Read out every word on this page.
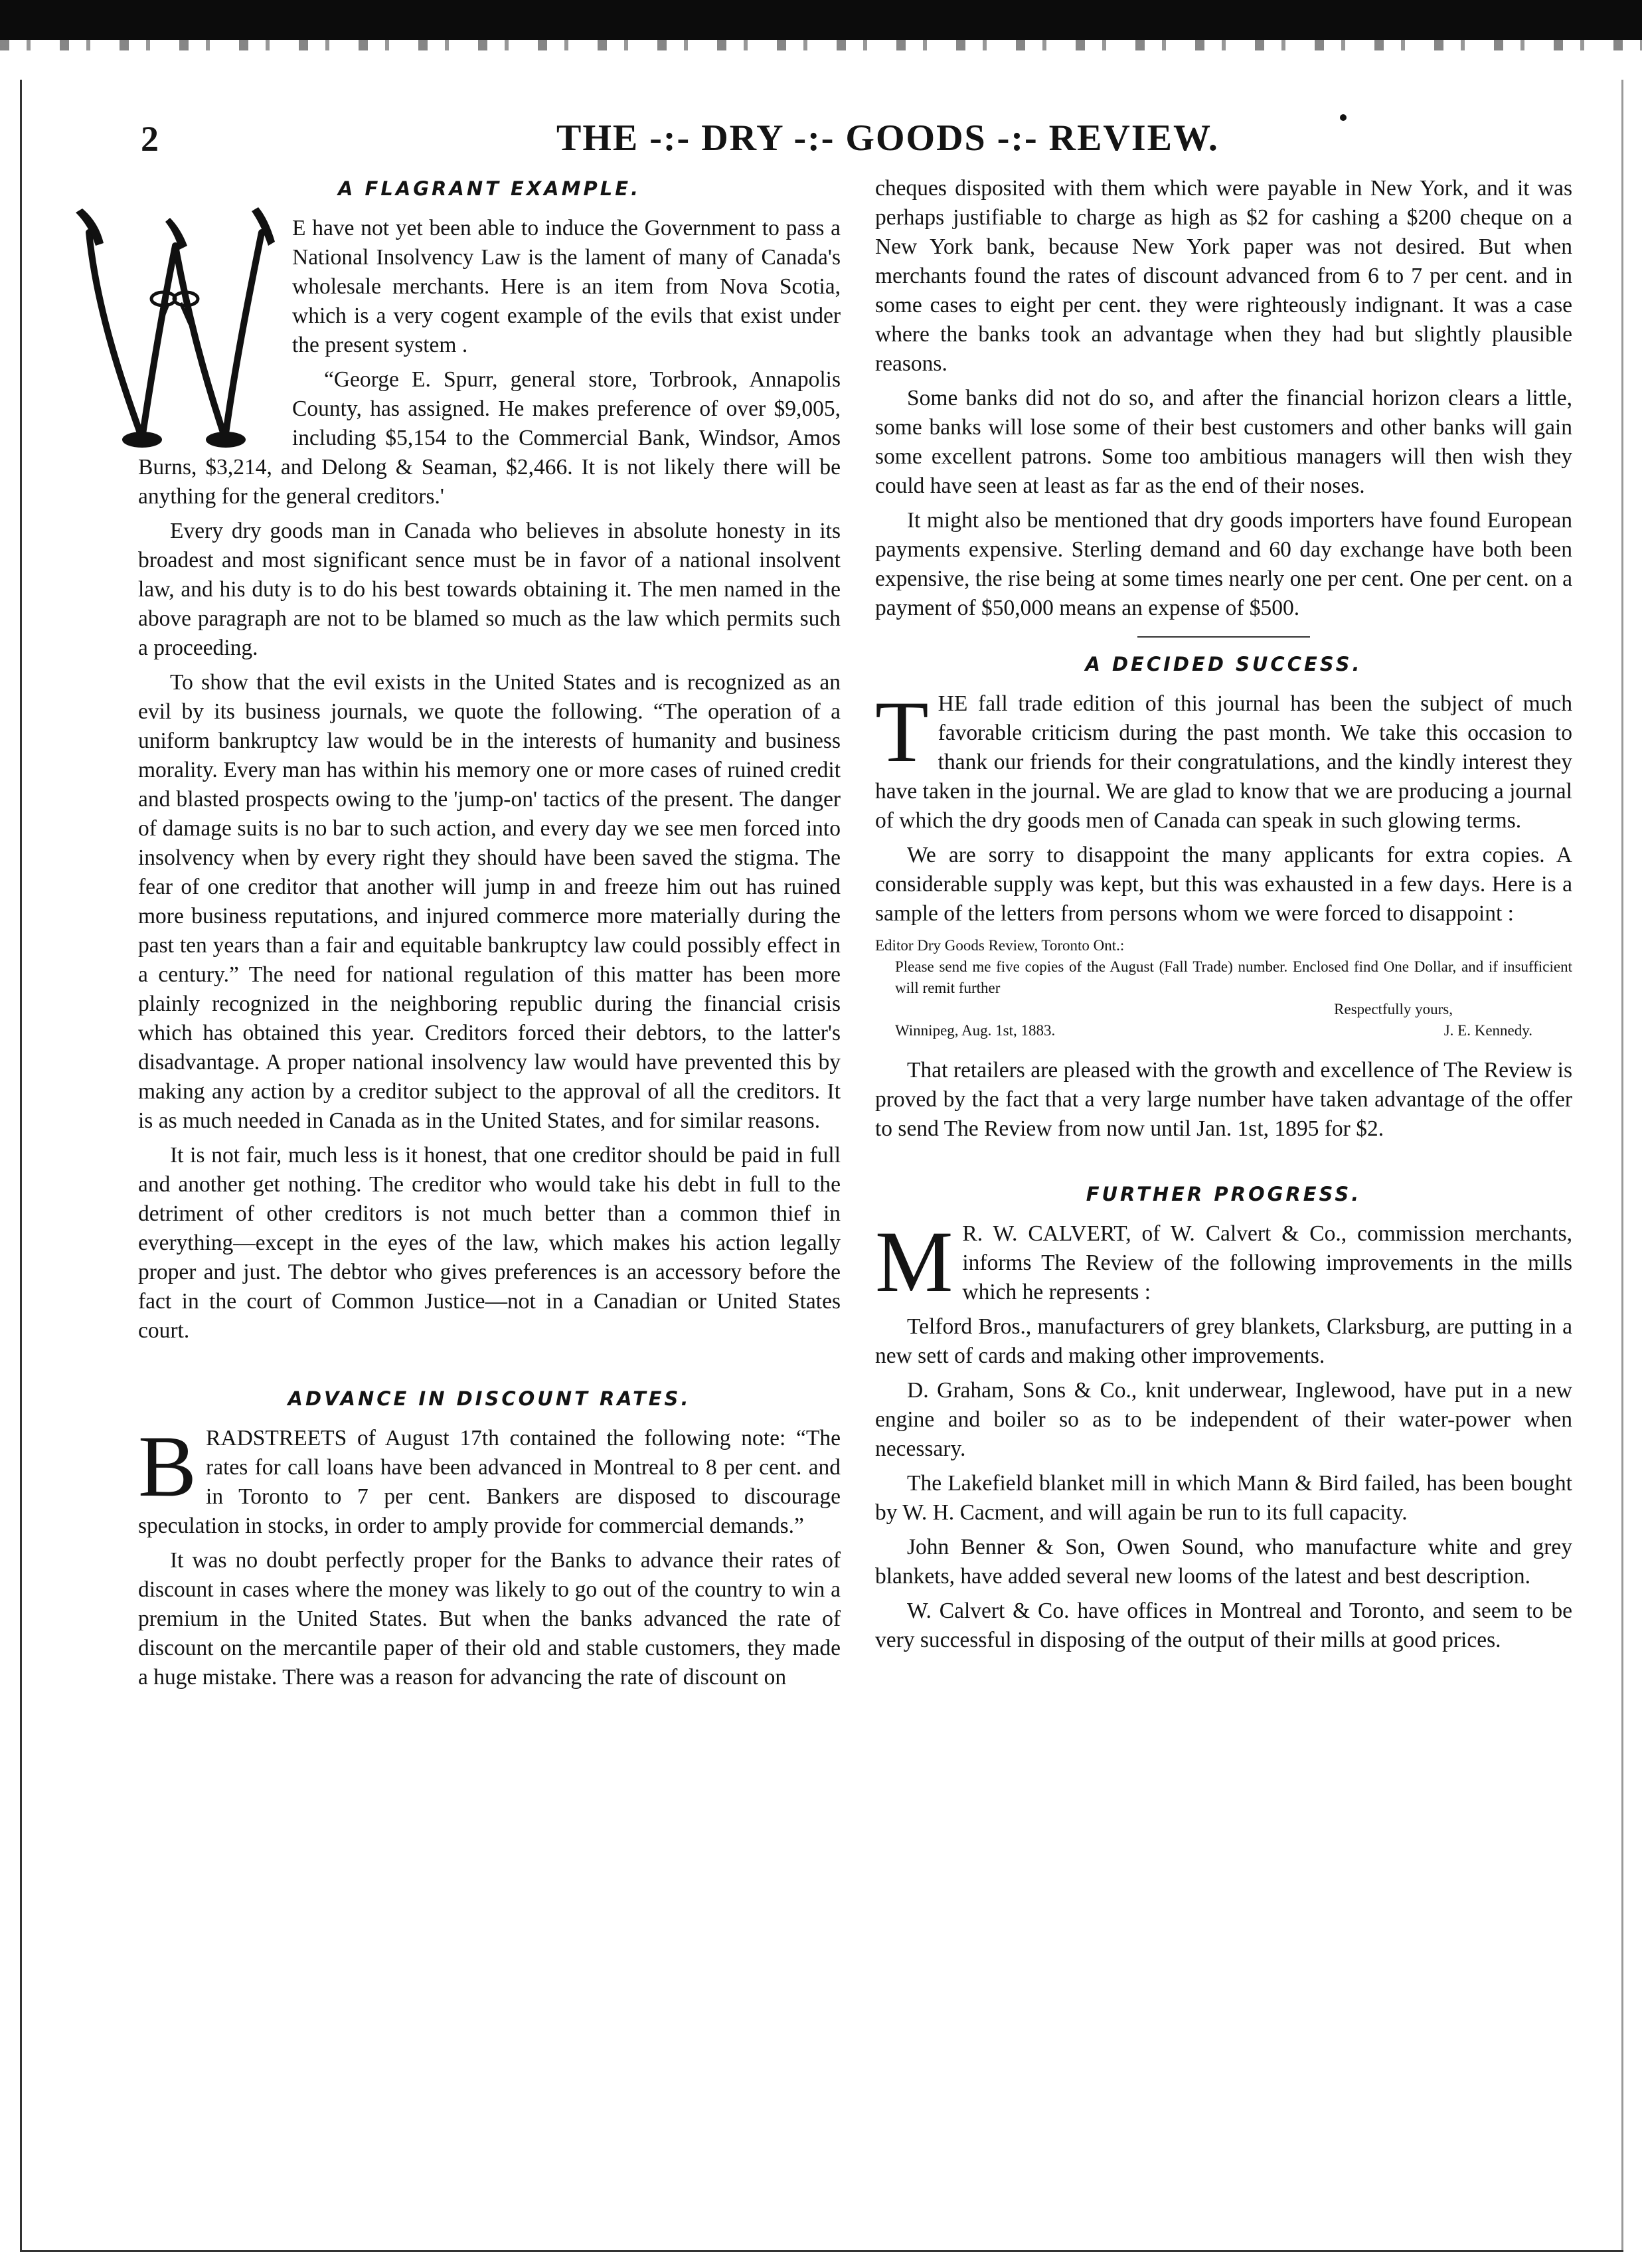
2	THE -:- DRY -:- GOODS -:- REVIEW.
A FLAGRANT EXAMPLE.

E have not yet been able to induce the Government to pass a National Insolvency Law is the lament of many of Canada's wholesale merchants. Here is an item from Nova Scotia, which is a very cogent example of the evils that exist under the present system .

“George E. Spurr, general store, Torbrook, Annapolis County, has assigned. He makes preference of over $9,005, including $5,154 to the Commercial Bank, Windsor, Amos Burns, $3,214, and Delong & Seaman, $2,466. It is not likely there will be anything for the general creditors.'

Every dry goods man in Canada who believes in absolute honesty in its broadest and most significant sence must be in favor of a national insolvent law, and his duty is to do his best towards obtaining it. The men named in the above paragraph are not to be blamed so much as the law which permits such a proceeding.

To show that the evil exists in the United States and is recognized as an evil by its business journals, we quote the following. “The operation of a uniform bankruptcy law would be in the interests of humanity and business morality. Every man has within his memory one or more cases of ruined credit and blasted prospects owing to the 'jump-on' tactics of the present. The danger of damage suits is no bar to such action, and every day we see men forced into insolvency when by every right they should have been saved the stigma. The fear of one creditor that another will jump in and freeze him out has ruined more business reputations, and injured commerce more materially during the past ten years than a fair and equitable bankruptcy law could possibly effect in a century.” The need for national regulation of this matter has been more plainly recognized in the neighboring republic during the financial crisis which has obtained this year. Creditors forced their debtors, to the latter's disadvantage. A proper national insolvency law would have prevented this by making any action by a creditor subject to the approval of all the creditors. It is as much needed in Canada as in the United States, and for similar reasons.

It is not fair, much less is it honest, that one creditor should be paid in full and another get nothing. The creditor who would take his debt in full to the detriment of other creditors is not much better than a common thief in everything—except in the eyes of the law, which makes his action legally proper and just. The debtor who gives preferences is an accessory before the fact in the court of Common Justice—not in a Canadian or United States court.

ADVANCE IN DISCOUNT RATES.

BRADSTREETS of August 17th contained the following note: “The rates for call loans have been advanced in Montreal to 8 per cent. and in Toronto to 7 per cent. Bankers are disposed to discourage speculation in stocks, in order to amply provide for commercial demands.”

It was no doubt perfectly proper for the Banks to advance their rates of discount in cases where the money was likely to go out of the country to win a premium in the United States. But when the banks advanced the rate of discount on the mercantile paper of their old and stable customers, they made a huge mistake. There was a reason for advancing the rate of discount on

cheques disposited with them which were payable in New York, and it was perhaps justifiable to charge as high as $2 for cashing a $200 cheque on a New York bank, because New York paper was not desired. But when merchants found the rates of discount advanced from 6 to 7 per cent. and in some cases to eight per cent. they were righteously indignant. It was a case where the banks took an advantage when they had but slightly plausible reasons.

Some banks did not do so, and after the financial horizon clears a little, some banks will lose some of their best customers and other banks will gain some excellent patrons. Some too ambitious managers will then wish they could have seen at least as far as the end of their noses.

It might also be mentioned that dry goods importers have found European payments expensive. Sterling demand and 60 day exchange have both been expensive, the rise being at some times nearly one per cent. One per cent. on a payment of $50,000 means an expense of $500.

A DECIDED SUCCESS.

THE fall trade edition of this journal has been the subject of much favorable criticism during the past month. We take this occasion to thank our friends for their congratulations, and the kindly interest they have taken in the journal. We are glad to know that we are producing a journal of which the dry goods men of Canada can speak in such glowing terms.

We are sorry to disappoint the many applicants for extra copies. A considerable supply was kept, but this was exhausted in a few days. Here is a sample of the letters from persons whom we were forced to disappoint :

Editor Dry Goods Review, Toronto Ont.:
Please send me five copies of the August (Fall Trade) number. Enclosed find One Dollar, and if insufficient will remit further
Respectfully yours,
Winnipeg, Aug. 1st, 1883.	J. E. Kennedy.

That retailers are pleased with the growth and excellence of The Review is proved by the fact that a very large number have taken advantage of the offer to send The Review from now until Jan. 1st, 1895 for $2.

FURTHER PROGRESS.

M R. W. CALVERT, of W. Calvert & Co., commission merchants, informs The Review of the following improvements in the mills which he represents :

Telford Bros., manufacturers of grey blankets, Clarksburg, are putting in a new sett of cards and making other improvements.

D. Graham, Sons & Co., knit underwear, Inglewood, have put in a new engine and boiler so as to be independent of their water-power when necessary.

The Lakefield blanket mill in which Mann & Bird failed, has been bought by W. H. Cacment, and will again be run to its full capacity.

John Benner & Son, Owen Sound, who manufacture white and grey blankets, have added several new looms of the latest and best description.

W. Calvert & Co. have offices in Montreal and Toronto, and seem to be very successful in disposing of the output of their mills at good prices.
